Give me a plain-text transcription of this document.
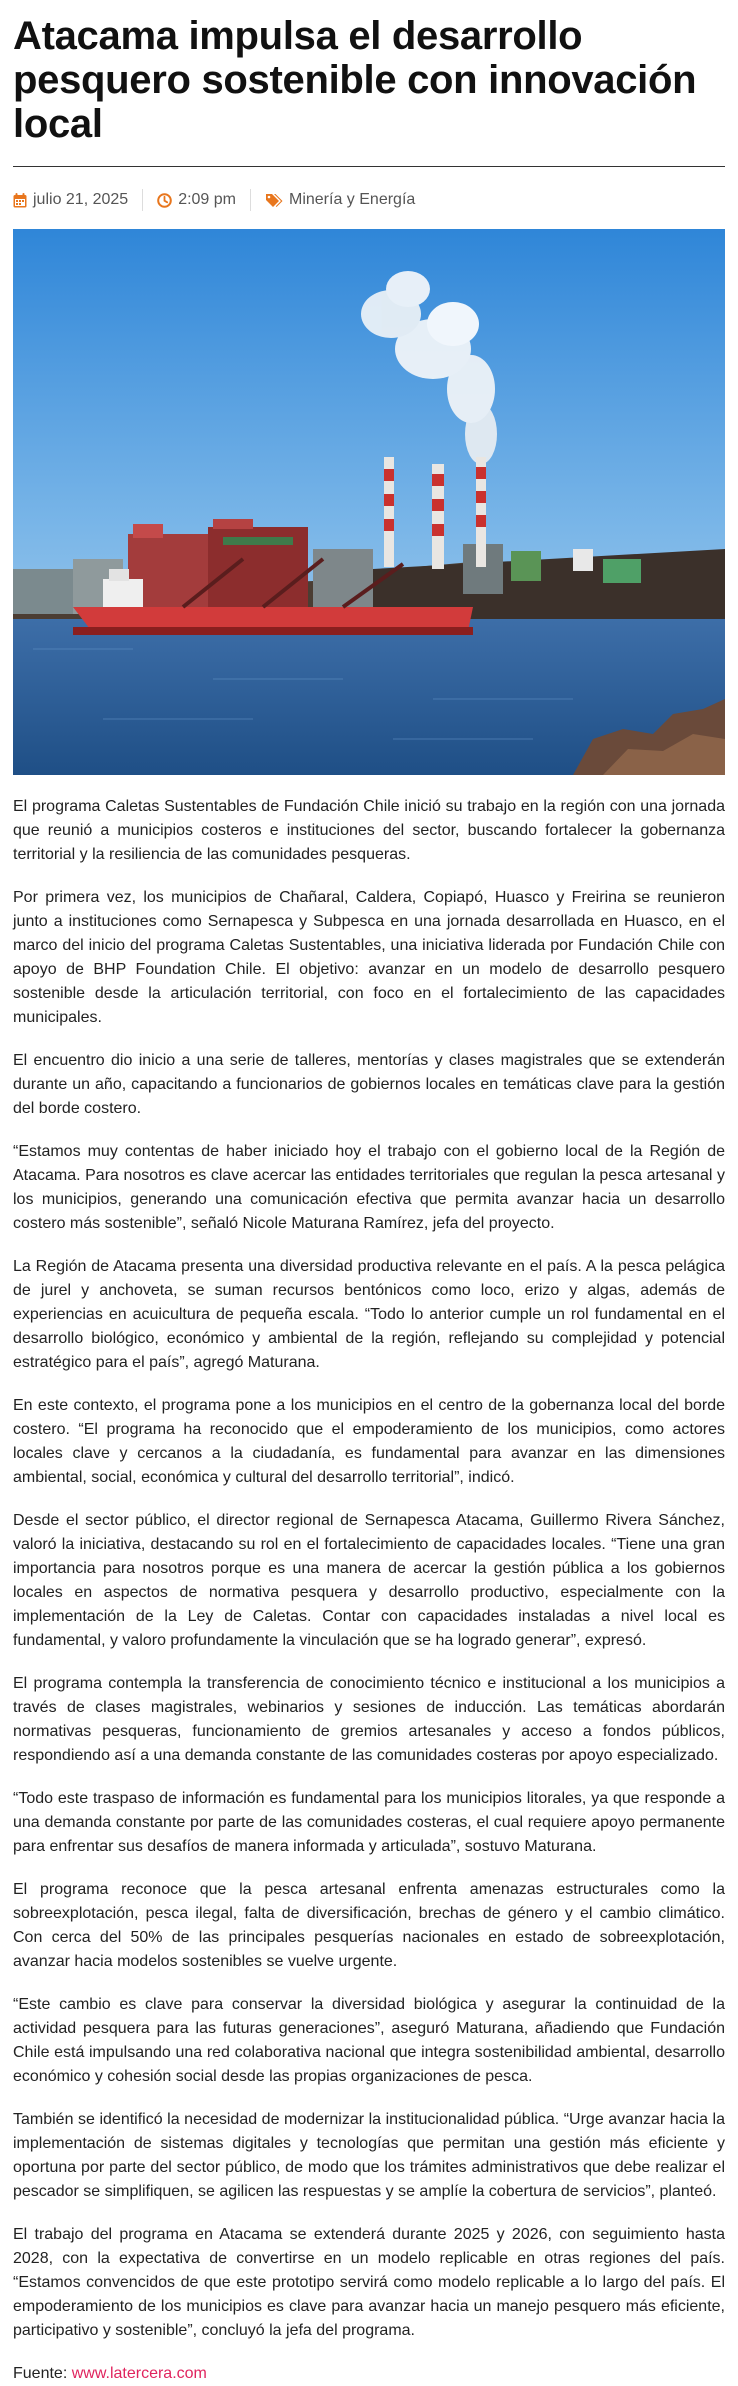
Atacama impulsa el desarrollo pesquero sostenible con innovación local
julio 21, 2025	2:09 pm	Minería y Energía

El programa Caletas Sustentables de Fundación Chile inició su trabajo en la región con una jornada que reunió a municipios costeros e instituciones del sector, buscando fortalecer la gobernanza territorial y la resiliencia de las comunidades pesqueras.

Por primera vez, los municipios de Chañaral, Caldera, Copiapó, Huasco y Freirina se reunieron junto a instituciones como Sernapesca y Subpesca en una jornada desarrollada en Huasco, en el marco del inicio del programa Caletas Sustentables, una iniciativa liderada por Fundación Chile con apoyo de BHP Foundation Chile. El objetivo: avanzar en un modelo de desarrollo pesquero sostenible desde la articulación territorial, con foco en el fortalecimiento de las capacidades municipales.

El encuentro dio inicio a una serie de talleres, mentorías y clases magistrales que se extenderán durante un año, capacitando a funcionarios de gobiernos locales en temáticas clave para la gestión del borde costero.

“Estamos muy contentas de haber iniciado hoy el trabajo con el gobierno local de la Región de Atacama. Para nosotros es clave acercar las entidades territoriales que regulan la pesca artesanal y los municipios, generando una comunicación efectiva que permita avanzar hacia un desarrollo costero más sostenible”, señaló Nicole Maturana Ramírez, jefa del proyecto.

La Región de Atacama presenta una diversidad productiva relevante en el país. A la pesca pelágica de jurel y anchoveta, se suman recursos bentónicos como loco, erizo y algas, además de experiencias en acuicultura de pequeña escala. “Todo lo anterior cumple un rol fundamental en el desarrollo biológico, económico y ambiental de la región, reflejando su complejidad y potencial estratégico para el país”, agregó Maturana.

En este contexto, el programa pone a los municipios en el centro de la gobernanza local del borde costero. “El programa ha reconocido que el empoderamiento de los municipios, como actores locales clave y cercanos a la ciudadanía, es fundamental para avanzar en las dimensiones ambiental, social, económica y cultural del desarrollo territorial”, indicó.

Desde el sector público, el director regional de Sernapesca Atacama, Guillermo Rivera Sánchez, valoró la iniciativa, destacando su rol en el fortalecimiento de capacidades locales. “Tiene una gran importancia para nosotros porque es una manera de acercar la gestión pública a los gobiernos locales en aspectos de normativa pesquera y desarrollo productivo, especialmente con la implementación de la Ley de Caletas. Contar con capacidades instaladas a nivel local es fundamental, y valoro profundamente la vinculación que se ha logrado generar”, expresó.

El programa contempla la transferencia de conocimiento técnico e institucional a los municipios a través de clases magistrales, webinarios y sesiones de inducción. Las temáticas abordarán normativas pesqueras, funcionamiento de gremios artesanales y acceso a fondos públicos, respondiendo así a una demanda constante de las comunidades costeras por apoyo especializado.

“Todo este traspaso de información es fundamental para los municipios litorales, ya que responde a una demanda constante por parte de las comunidades costeras, el cual requiere apoyo permanente para enfrentar sus desafíos de manera informada y articulada”, sostuvo Maturana.

El programa reconoce que la pesca artesanal enfrenta amenazas estructurales como la sobreexplotación, pesca ilegal, falta de diversificación, brechas de género y el cambio climático. Con cerca del 50% de las principales pesquerías nacionales en estado de sobreexplotación, avanzar hacia modelos sostenibles se vuelve urgente.

“Este cambio es clave para conservar la diversidad biológica y asegurar la continuidad de la actividad pesquera para las futuras generaciones”, aseguró Maturana, añadiendo que Fundación Chile está impulsando una red colaborativa nacional que integra sostenibilidad ambiental, desarrollo económico y cohesión social desde las propias organizaciones de pesca.

También se identificó la necesidad de modernizar la institucionalidad pública. “Urge avanzar hacia la implementación de sistemas digitales y tecnologías que permitan una gestión más eficiente y oportuna por parte del sector público, de modo que los trámites administrativos que debe realizar el pescador se simplifiquen, se agilicen las respuestas y se amplíe la cobertura de servicios”, planteó.

El trabajo del programa en Atacama se extenderá durante 2025 y 2026, con seguimiento hasta 2028, con la expectativa de convertirse en un modelo replicable en otras regiones del país. “Estamos convencidos de que este prototipo servirá como modelo replicable a lo largo del país. El empoderamiento de los municipios es clave para avanzar hacia un manejo pesquero más eficiente, participativo y sostenible”, concluyó la jefa del programa.

Fuente: www.latercera.com
